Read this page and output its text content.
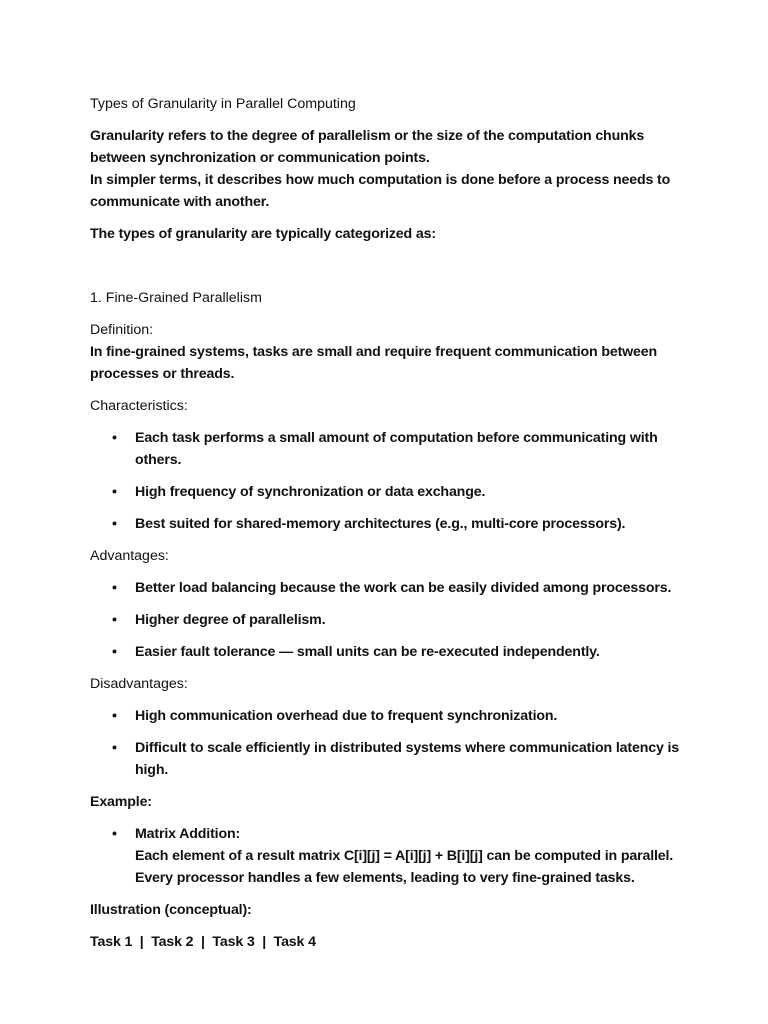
Types of Granularity in Parallel Computing

Granularity refers to the degree of parallelism or the size of the computation chunks between synchronization or communication points.
In simpler terms, it describes how much computation is done before a process needs to communicate with another.

The types of granularity are typically categorized as:

1. Fine-Grained Parallelism

Definition:
In fine-grained systems, tasks are small and require frequent communication between processes or threads.

Characteristics:

• Each task performs a small amount of computation before communicating with others.
• High frequency of synchronization or data exchange.
• Best suited for shared-memory architectures (e.g., multi-core processors).

Advantages:

• Better load balancing because the work can be easily divided among processors.
• Higher degree of parallelism.
• Easier fault tolerance — small units can be re-executed independently.

Disadvantages:

• High communication overhead due to frequent synchronization.
• Difficult to scale efficiently in distributed systems where communication latency is high.

Example:

• Matrix Addition:
Each element of a result matrix C[i][j] = A[i][j] + B[i][j] can be computed in parallel.
Every processor handles a few elements, leading to very fine-grained tasks.

Illustration (conceptual):

Task 1  |  Task 2  |  Task 3  |  Task 4
